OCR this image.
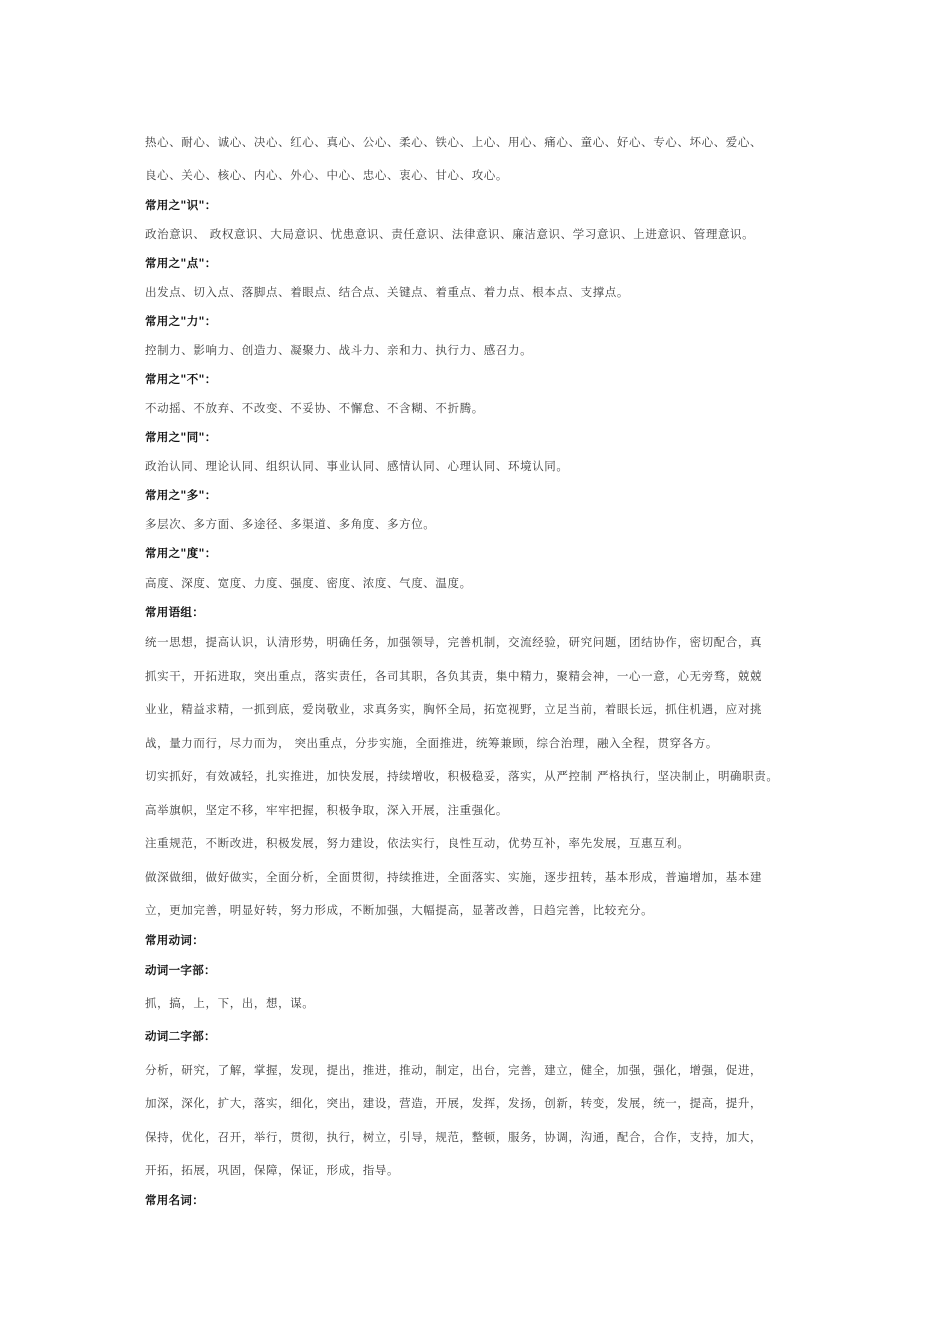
热心、耐心、诚心、决心、红心、真心、公心、柔心、铁心、上心、用心、痛心、童心、好心、专心、坏心、爱心、
良心、关心、核心、内心、外心、中心、忠心、衷心、甘心、攻心。
常用之"识"：
政治意识、 政权意识、大局意识、忧患意识、责任意识、法律意识、廉洁意识、学习意识、上进意识、管理意识。
常用之"点"：
出发点、切入点、落脚点、着眼点、结合点、关键点、着重点、着力点、根本点、支撑点。
常用之"力"：
控制力、影响力、创造力、凝聚力、战斗力、亲和力、执行力、感召力。
常用之"不"：
不动摇、不放弃、不改变、不妥协、不懈怠、不含糊、不折腾。
常用之"同"：
政治认同、理论认同、组织认同、事业认同、感情认同、心理认同、环境认同。
常用之"多"：
多层次、多方面、多途径、多渠道、多角度、多方位。
常用之"度"：
高度、深度、宽度、力度、强度、密度、浓度、气度、温度。
常用语组：
统一思想，提高认识，认清形势，明确任务，加强领导，完善机制，交流经验，研究问题，团结协作，密切配合，真
抓实干，开拓进取，突出重点，落实责任，各司其职，各负其责，集中精力，聚精会神，一心一意，心无旁骛，兢兢
业业，精益求精，一抓到底，爱岗敬业，求真务实，胸怀全局，拓宽视野，立足当前，着眼长远，抓住机遇，应对挑
战，量力而行，尽力而为， 突出重点，分步实施，全面推进，统筹兼顾，综合治理，融入全程，贯穿各方。
切实抓好，有效减轻，扎实推进，加快发展，持续增收，积极稳妥，落实，从严控制 严格执行，坚决制止，明确职责。
高举旗帜，坚定不移，牢牢把握，积极争取，深入开展，注重强化。
注重规范，不断改进，积极发展，努力建设，依法实行，良性互动，优势互补，率先发展，互惠互利。
做深做细，做好做实，全面分析，全面贯彻，持续推进，全面落实、实施，逐步扭转，基本形成，普遍增加，基本建
立，更加完善，明显好转，努力形成，不断加强，大幅提高，显著改善，日趋完善，比较充分。
常用动词：
动词一字部：
抓，搞，上，下，出，想，谋。
动词二字部：
分析，研究，了解，掌握，发现，提出，推进，推动，制定，出台，完善，建立，健全，加强，强化，增强，促进，
加深，深化，扩大，落实，细化，突出，建设，营造，开展，发挥，发扬，创新，转变，发展，统一，提高，提升，
保持，优化，召开，举行，贯彻，执行，树立，引导，规范，整顿，服务，协调，沟通，配合，合作，支持，加大，
开拓，拓展，巩固，保障，保证，形成，指导。
常用名词：
